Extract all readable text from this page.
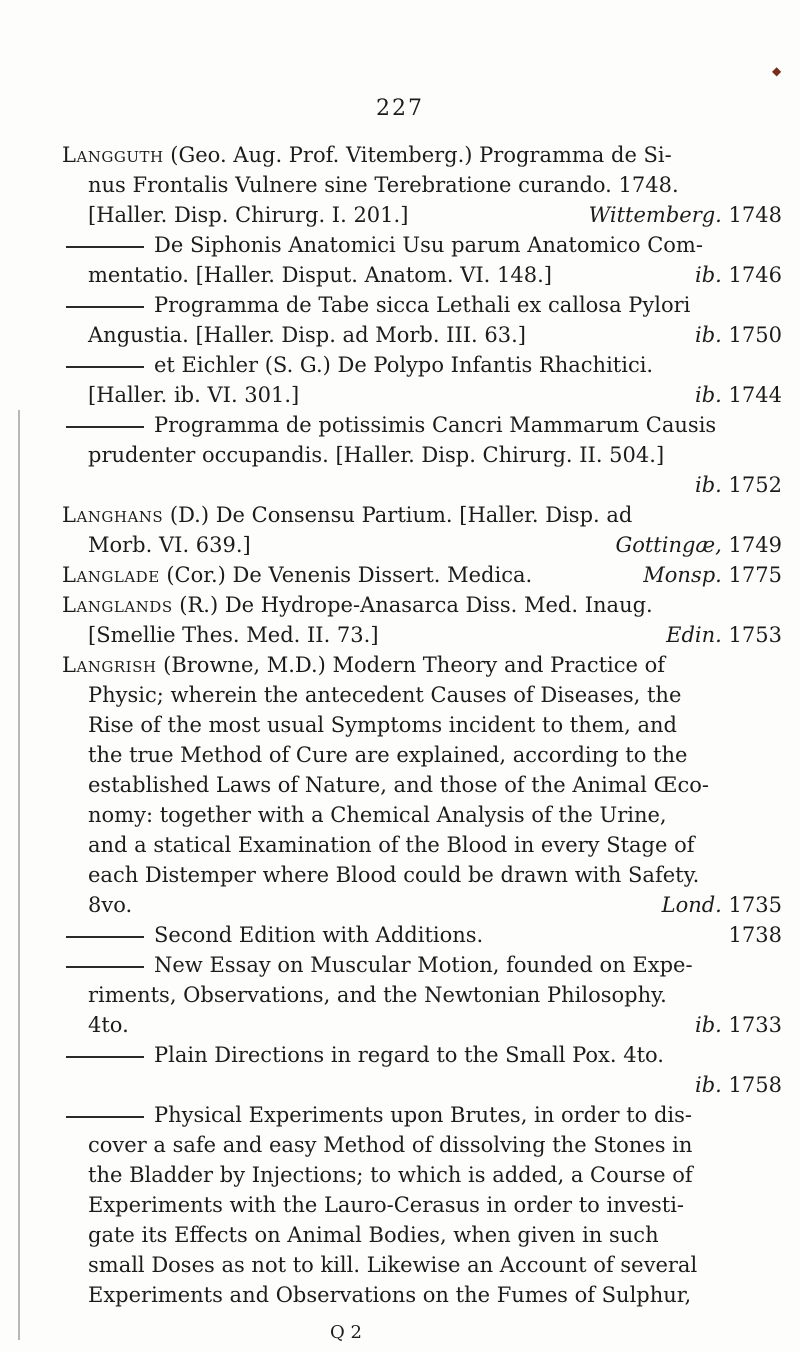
◆
227
Langguth (Geo. Aug. Prof. Vitemberg.) Programma de Si-
nus Frontalis Vulnere sine Terebratione curando. 1748.
[Haller. Disp. Chirurg. I. 201.]	Wittemberg. 1748
De Siphonis Anatomici Usu parum Anatomico Com-
mentatio. [Haller. Disput. Anatom. VI. 148.]	ib. 1746
Programma de Tabe sicca Lethali ex callosa Pylori
Angustia. [Haller. Disp. ad Morb. III. 63.]	ib. 1750
et Eichler (S. G.) De Polypo Infantis Rhachitici.
[Haller. ib. VI. 301.]	ib. 1744
Programma de potissimis Cancri Mammarum Causis
prudenter occupandis. [Haller. Disp. Chirurg. II. 504.]
ib. 1752
Langhans (D.) De Consensu Partium. [Haller. Disp. ad
Morb. VI. 639.]	Gottingæ, 1749
Langlade (Cor.) De Venenis Dissert. Medica.	Monsp. 1775
Langlands (R.) De Hydrope-Anasarca Diss. Med. Inaug.
[Smellie Thes. Med. II. 73.]	Edin. 1753
Langrish (Browne, M.D.) Modern Theory and Practice of
Physic; wherein the antecedent Causes of Diseases, the
Rise of the most usual Symptoms incident to them, and
the true Method of Cure are explained, according to the
established Laws of Nature, and those of the Animal Œco-
nomy: together with a Chemical Analysis of the Urine,
and a statical Examination of the Blood in every Stage of
each Distemper where Blood could be drawn with Safety.
8vo.	Lond. 1735
Second Edition with Additions.	1738
New Essay on Muscular Motion, founded on Expe-
riments, Observations, and the Newtonian Philosophy.
4to.	ib. 1733
Plain Directions in regard to the Small Pox. 4to.
ib. 1758
Physical Experiments upon Brutes, in order to dis-
cover a safe and easy Method of dissolving the Stones in
the Bladder by Injections; to which is added, a Course of
Experiments with the Lauro-Cerasus in order to investi-
gate its Effects on Animal Bodies, when given in such
small Doses as not to kill. Likewise an Account of several
Experiments and Observations on the Fumes of Sulphur,
Q 2
